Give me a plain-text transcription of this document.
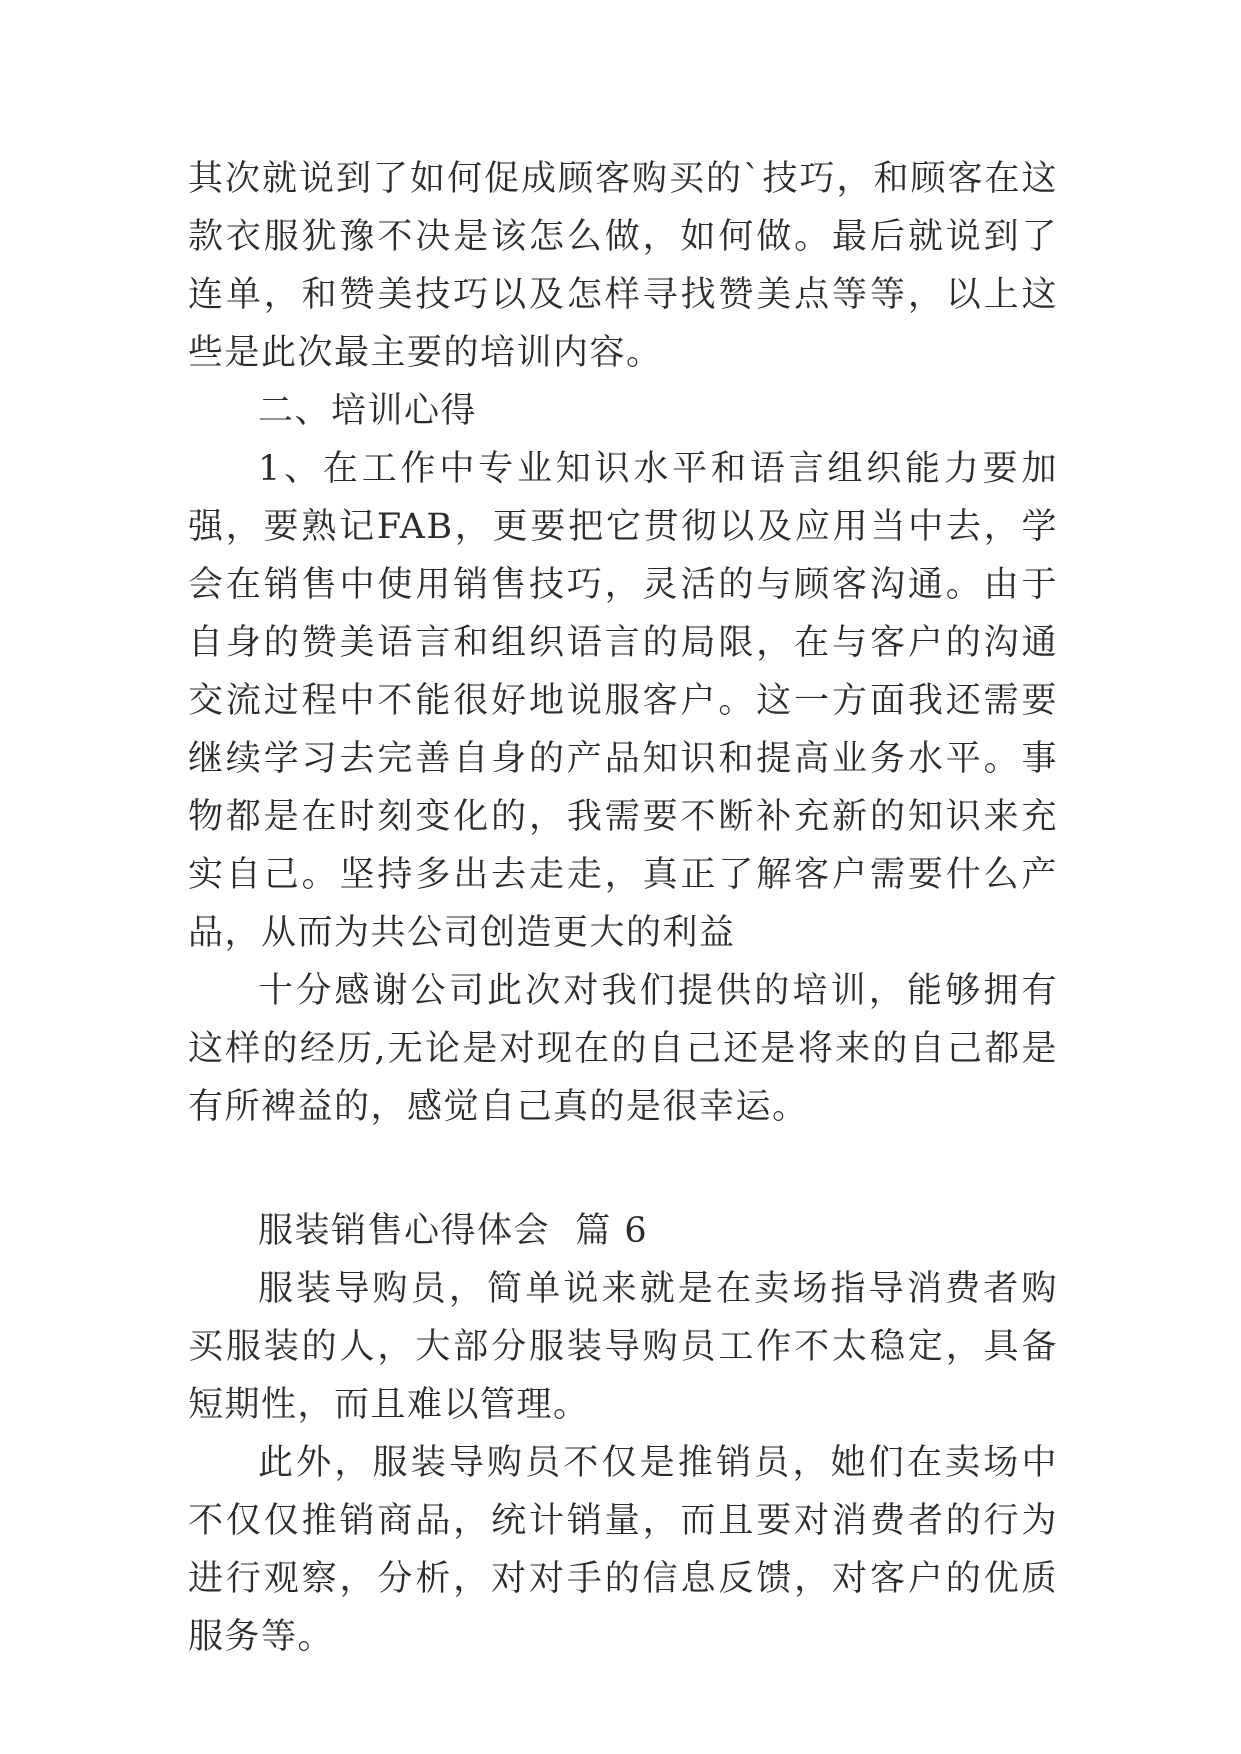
其次就说到了如何促成顾客购买的`技巧，和顾客在这款衣服犹豫不决是该怎么做，如何做。最后就说到了连单，和赞美技巧以及怎样寻找赞美点等等，以上这些是此次最主要的培训内容。

二、培训心得

1、在工作中专业知识水平和语言组织能力要加强，要熟记FAB，更要把它贯彻以及应用当中去，学会在销售中使用销售技巧，灵活的与顾客沟通。由于自身的赞美语言和组织语言的局限，在与客户的沟通交流过程中不能很好地说服客户。这一方面我还需要继续学习去完善自身的产品知识和提高业务水平。事物都是在时刻变化的，我需要不断补充新的知识来充实自己。坚持多出去走走，真正了解客户需要什么产品，从而为共公司创造更大的利益

十分感谢公司此次对我们提供的培训，能够拥有这样的经历,无论是对现在的自己还是将来的自己都是有所裨益的，感觉自己真的是很幸运。

服装销售心得体会  篇 6

服装导购员，简单说来就是在卖场指导消费者购买服装的人，大部分服装导购员工作不太稳定，具备短期性，而且难以管理。

此外，服装导购员不仅是推销员，她们在卖场中不仅仅推销商品，统计销量，而且要对消费者的行为进行观察，分析，对对手的信息反馈，对客户的优质服务等。
